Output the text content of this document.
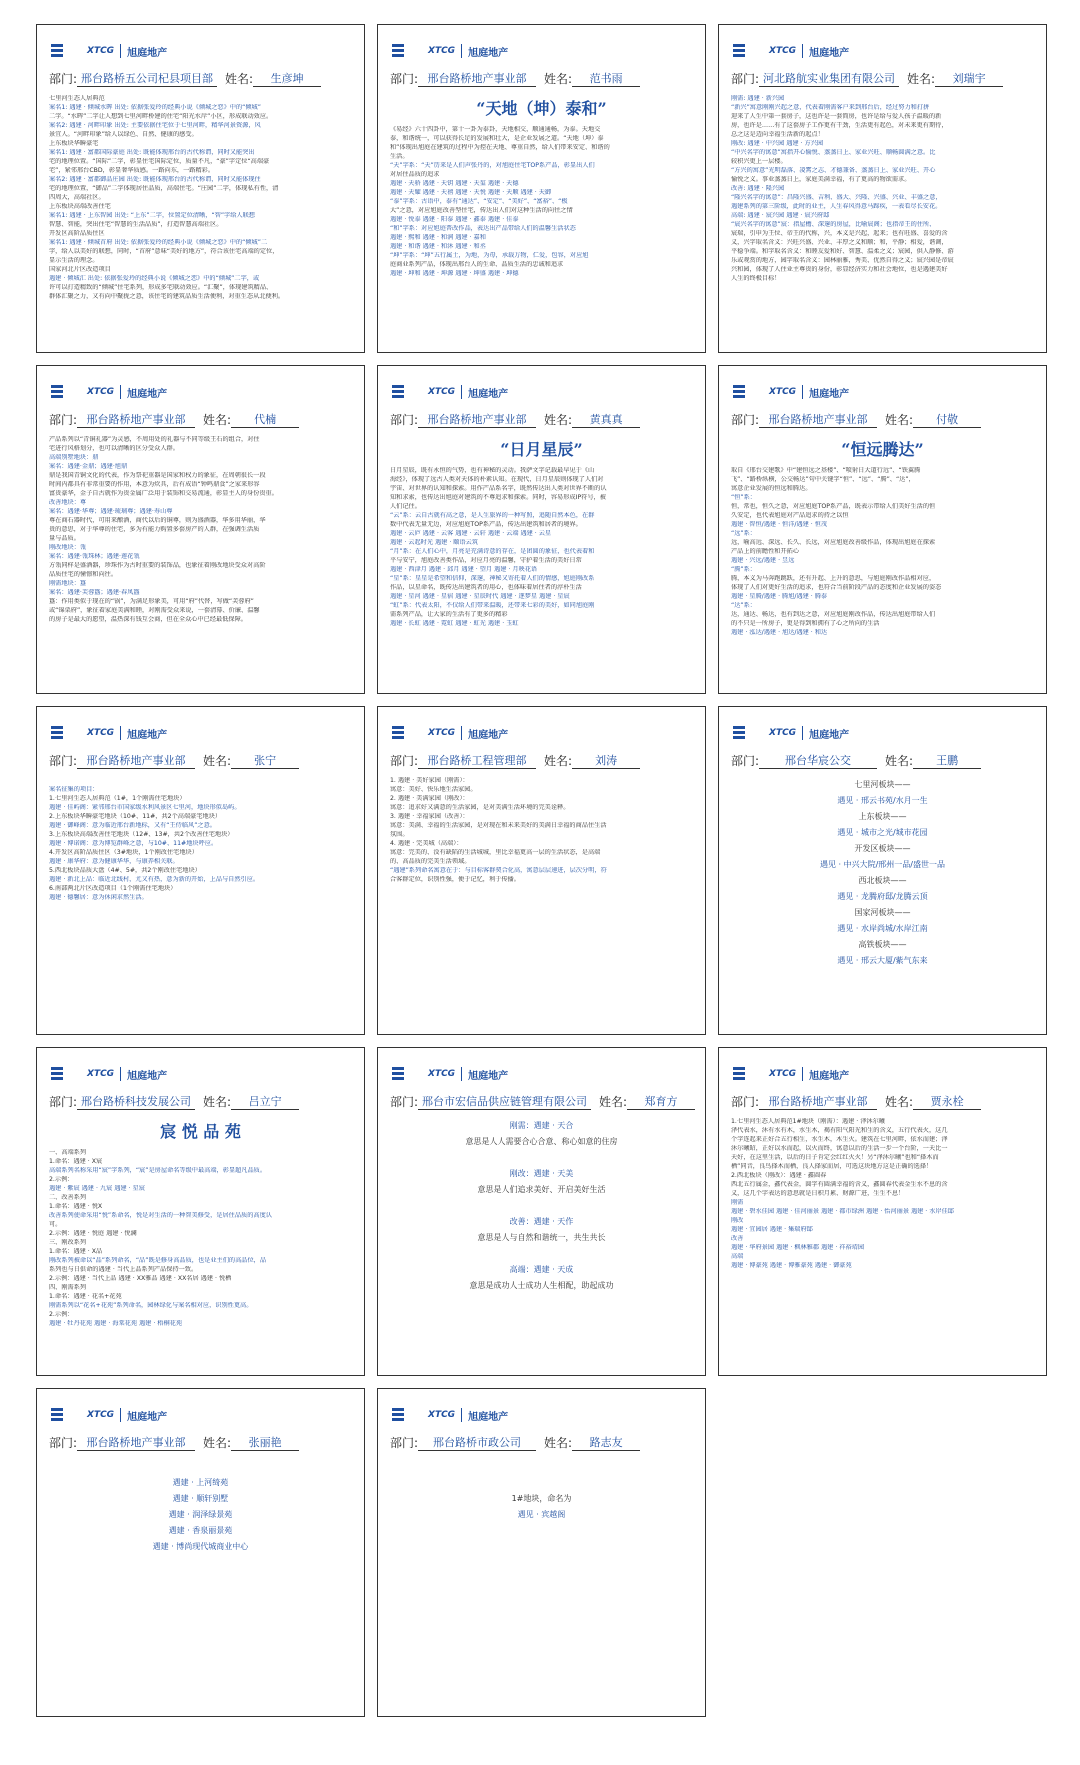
XTCG 旭庭地产
部门: 邢台路桥五公司杞县项目部	姓名:	生彦坤
七里河生态人居典范
案名1: 遇建 · 倾城水晖 出处: 依据张爱玲的经典小说《倾城之恋》中的“倾城”
二字。“水晖”二字让人想到七里河畔桥建的住宅“阳光水岸”小区，形成联动效应。
案名2: 遇建 · 河畔印象 出处: 主要依据住宅位于七里河畔，精华河景资源，风
景宜人。“河畔印象”给人以绿色、自然、健康的感受。
上东板块华瞬豪宅
案名1: 遇建 · 富都国际豪庭 出处: 既能体现邢台的古代称谓，同时又能突出
宅的地理位置。“国际”二字，彰显住宅国际定位，质量不凡，“豪”字定位“高端豪
宅”，紧邻邢台CBD，彰显奢华质感。一路向东，一路精彩。
案名2: 遇建 · 富都御品庄园 出处: 既能体现邢台的古代称谓，同时又能体现住
宅的地理位置，“御品”二字体现居住品质，高端住宅。“庄园”二字，体现私有性，清
四周大，高端社区。
上东板块高端改善住宅
案名1: 遇建 · 上东智园 出处: “上东”二字，位置定位清晰，“智”字给人联想
智慧、智能，突出住宅“智慧的生活品质”，打造智慧高端社区。
开发区高阶品质住区
案名1: 遇建 · 倾城首府 出处: 依据张爱玲的经典小说《倾城之恋》中的“倾城”二
字，给人以美好的联想，同时，“首府”意味“美好的地方”，符合该住宅高端的定位，
显示生活的理念。
国家河北片区改造项目
遇建 · 倾城汇 出处: 依据张爱玲的经典小说《倾城之恋》中的“倾城”二字，或
许可以打造精致的“倾城”住宅系列，形成多宅联动效应。“汇聚”，体现建筑精品、
群体汇聚之力，又有向中聚拢之意，该住宅的建筑品质生活便利，对重生态从北便利。
XTCG 旭庭地产
部门: 邢台路桥地产事业部	姓名:	范书雨
“天地（坤）泰和”
《易经》六十四卦中，第十一卦为泰卦，天地相交，顺通通畅，为泰。天地交
泰，和谐统一，可以获得长足的发展和壮大，是企业发展之道。“天地（坤）泰
和”体现出旭庭在建筑的过程中为控在天地、尊重自然，给人们带来安定、和谐的
生活。
“天”字系：“天”历来是人们声张丹的，对旭庭住宅TOP系产品，彰显出人们
对居住品质的追求
遇建 · 天骄 遇建 · 天钥 遇建 · 天玺 遇建 · 天德
遇建 · 天耀 遇建 · 天禧 遇建 · 天悦 遇建 · 天顺 遇建 · 天御
“泰”字系：古语中，泰有“通达”、“安定”、“美好”、“富裕”、“极
大”之意，对应旭庭改善型住宅，传达出人们对这种生活的向往之情
遇建 · 悦泰 遇建 · 阳泰 遇建 · 鑫泰 遇建 · 佳泰
“和”字系：对应旭庭普改作品，表达出产品带给人们的温馨生活状态
遇建 · 熙和 遇建 · 和润 遇建 · 嘉和
遇建 · 和谐 遇建 · 和沐 遇建 · 和丞
“坤”字系：“坤”五行属土，为地，为母，承载万物，仁爱，包容，对应旭
庭商业系列产品，体现出邢台人的生命、品质生活的忠诚和追求
遇建 · 坤和 遇建 · 坤源 遇建 · 坤盛 遇建 · 坤德
XTCG 旭庭地产
部门: 河北路航实业集团有限公司	姓名:	刘瑞宇
刚需: 遇建 · 新兴园
“新兴”寓意刚刚兴起之意，代表着刚需客户来到邢台后，经过努力和打拼
迎来了人生中第一套房子，这也许是一套简房，也许是给与爱人孩子温暖的新
房，也许是……有了这套房子工作更有干劲，生活更有起色，对未来更有期待，
总之这是迈向幸福生活新的起点！
刚改: 遇建 · 中兴园 遇建 · 方兴园
“中兴名字的寓意”寓指开心愉悦、蒸蒸日上、家业兴旺、顺畅圆满之意。比
较积兴更上一层楼。
“方兴的寓意”光明磊落、凌霄之志、才德兼备、蒸蒸日上、家业兴旺、开心
愉悦之义。事业蒸蒸日上，家庭美满幸福，有了更高的物欲需求。
改善: 遇建 · 隆兴园
“隆兴名字的寓意”：昌隆兴盛、吉利、盛大、兴隆、兴盛、兴业、丰盛之意，
遇建系列的第三阶级，此时的业主，人生春风得意马蹄疾，一表看尽长安花。
高端: 遇建 · 宸兴园 遇建 · 宸兴府邸
“宸兴名字的寓意”宸：指屋檐、深邃的房屋，比喻宸阁；也指帝王的住所、
宸瑞，引申为王位、帝王的代称，兴，本义是兴起，起来；也有旺盛、喜爱的含
义，兴字取名含义：兴旺兴盛、兴业、丰厚之义和顺；和，平静；相爱，谐调，
平稳争端。和字取名含义：和睦友爱和好、智慧、温柔之义；宸园，供人静修、游
乐或观赏的地方，园字取名含义：园林丽雅，秀美、优然自得之义；宸兴园是帝宸
兴和园，体现了人住业主尊贵的身份，彰显经济实力和社会地位，也是遇建美好
人生的终极目标！
XTCG 旭庭地产
部门: 邢台路桥地产事业部	姓名:	代楠
产品系列以“青铜礼器”为灵感，不周用处的礼器与不同等级王石的组合，对住
宅进行风格划分，也可以清晰的区分受众人群。
高端别墅地块：鼎
案名：遇建·金鼎；遇建·旭鼎
鼎是我国青铜文化的代表，作为祭祀重器是国家和权力的象征，在周朝很长一段
时间内都具有非常重要的作用，本意为炊具，后有成语“钟鸣鼎食”之家来形容
富贵豪华，金子自古就作为贵金属广泛用于装饰和交易流通，彰显主人的身份贵重。
改善地块：尊
案名：遇建·华尊；遇建·琉璃尊；遇建·寿山尊
尊在商石器时代，可用来酿酒，商代以后的铜尊，则为盛酒器，华多用华丽，华
贵的意思，对于华尊的住宅，多为有能力购置多套房产的人群，在强调生活质
量与品质。
刚改地块：瓴
案名：遇建·瓴珠林；遇建·莲花瓴
方瓴同样是盛酒器，珍珠作为古时重要的装饰品，也象征着刚改地块受众对高阶
品质住宅的憧憬和向往。
刚需地块：簋
案名：遇建·芙蓉簋；遇建·春凤簋
簋：作用类似于现在的“锅”，为满足形象美，可用“府”代替，写做“芙蓉府”
或“锦栗府”，象征着家庭美满和睦，对刚需受众来说，一套清幕、价廉、温馨
的房子是最大的愿望，温热深有钱互会商，但在全众心中已经最低保障。
XTCG 旭庭地产
部门: 邢台路桥地产事业部	姓名:	黄真真
“日月星辰”
日月星辰，既有永恒的气势，也有神秘的灵动。我萨文字记载最早见于《山
海经》，体现了远古人类对天体的朴素认知。在现代，日月星辰则体现了人们对
宇宙、对世界的认知和探索。用作产品系名字，既然传达出人类对世界不断的认
知和求索，也传达出旭庭对建筑的不尊追求和探索。同时，容易形成IP符号，被
人们记住。
“云”系：云自古就有高之意，是人生旅界的一种写照，追随自然本色，在群
数中代表无量无边，对应旭庭TOP系产品，传达出建筑和居者的境界。
遇建 · 云庐 遇建 · 云客 遇建 · 云轩 遇建 · 云端 遇建 · 云星
遇建 · 云起时光 遇建 · 颐语云筑
“月”系：在人们心中，月亮是充满诗意的存在，是团圆的象征，也代表着和
平与安宁，旭庭改善类作品，对应月亮的温馨，守护着生活的美好日常
遇建 · 西津月 遇建 · 邱月 遇建 · 望月 遇建 · 月映花语
“星”系：星星是希望和信仰，深邃，神秘又寄托着人们的情感，旭庭刚改系
作品，以星命名，既传达出建筑者的用心，也体味着居住者的淳朴生活
遇建 · 星河 遇建 · 星宿 遇建 · 星辰时代 遇建 · 逐梦星 遇建 · 星宸
“虹”系：代表太阳，不仅给人们带来温暖，还带来七彩的美好，如同旭庭刚
需系列产品，让大家的生活有了更多的精彩
遇建 · 长虹 遇建 · 霓虹 遇建 · 虹光 遇建 · 玉虹
XTCG 旭庭地产
部门: 邢台路桥地产事业部	姓名:	付敬
“恒远腾达”
取自《邢台交建歌》中“建恒远之基楼”、“喷射日大道行远”、“铁翼腾
飞”、“路桥纵横，公交畅达”句中关键字“恒”、“远”、“腾”、“达”，
寓意企业发展的恒远和腾达。
“恒”系：
恒，常也，恒久之意，对应旭庭TOP系产品，既表示带给人们美好生活的恒
久安定，也代表旭庭对产品追求的持之以恒
遇建 · 智恒/遇建 · 恒洋/遇建 · 恒茂
“远”系：
远，喻高远、深远、长久、长远，对应旭庭改善级作品，体现出旭庭在探索
产品上的前瞻性和开拓心
遇建 · 兴远/遇建 · 昱远
“腾”系：
腾，本义为马奔跑跳跃，还有升起、上升的意思，与旭庭刚改作品相对应，
体现了人们对更好生活的追求，也符合当前阶段产品的态度和企业发展的姿态
遇建 · 星腾/遇建 · 腾旭/遇建 · 腾泰
“达”系：
达，通达、畅达，也有到达之意，对应旭庭刚改作品，传达出旭庭带给人们
的不只是一所房子，更是得到和拥有了心之所向的生活
遇建 · 泓达/遇建 · 旭达/遇建 · 和达
XTCG 旭庭地产
部门: 邢台路桥地产事业部	姓名:	张宁

案名征集的项目：
1.七里河生态人居典范（1#，1个刚需住宅地块）
遇建 · 佳屿阁：紧邻邢台市国家级水利风景区七里河，地块形似岛屿。
2.上东板块华瞬豪宅地块（10#、11#，共2个高端豪宅地块）
遇建 · 御峰阁：意为临近邢台新地标，又有“王侍临风”之意。
3.上东板块高端改善住宅地块（12#、13#，共2个改善住宅地块）
遇建 · 博诺阁：意为博览群峰之意，与10#、11#地块呼应。
4.开发区高阶品质住区（3#地块，1个刚改住宅地块）
遇建 · 康华府：意为健康华华，与康养相关联。
5.西北板块品质大盘（4#、5#，共2个刚改住宅地块）
遇建 · 新北上品：临近北线村，尤又有热，意为新的开始，上品与自然引应。
6.南部两北片区改造项目（1个刚需住宅地块）
遇建 · 德馨居：意为休闲求然生活。
XTCG 旭庭地产
部门: 邢台路桥工程管理部	姓名:	刘涛
1. 遇建 · 美好家园（刚需）：
寓意：美好、快乐地生活家园。
2. 遇建 · 美满家园（刚改）：
寓意：追求好又满意的生活家园，是对美满生活环境的完美诠释。
3. 遇建 · 幸福家园（改善）：
寓意：美满、幸福的生活家园，是对现在和未来美好的美满日幸福的商品住生活
氛围。
4. 遇建 · 完美城（高端）：
寓意：完美的、没有缺陷的生活城城，里比幸福更高一层的生活状态，是高端
的、高品质的完美生活领域。
“遇建”系列命名寓意在于：与目标客群契合化高，寓意层层递进，层次分明，符
合客群定位，识别性强，便于记忆，利于传播。
XTCG 旭庭地产
部门:	邢台华宸公交	姓名:	王鹏
七里河板块——
遇见 · 邢云书苑/水月一生
上东板块——
遇见 · 城市之光/城市花园
开发区板块——
遇见 · 中兴大院/邢州一品/盛世一品
西北板块——
遇见 · 龙腾府邸/龙腾云顶
国家河板块——
遇见 · 水岸尚城/水岸江南
高铁板块——
遇见 · 邢云大厦/紫气东来
XTCG 旭庭地产
部门: 邢台路桥科技发展公司	姓名:	吕立宁
宸 悦 品 苑
一、高端系列
1.命名：遇建 · X宸
高端系列名称采用“宸”字系列，“宸”是房屋命名等级中最高端，彰显超凡品质。
2.示例：
遇建 · 紫宸 遇建 · 九宸 遇建 · 星宸
二、改善系列
1.命名：遇建 · 悦X
改善系列使命采用“悦”系命名，悦是对生活的一种智美修受，是居住品质的高度认
可。
2.示例：遇建 · 悦庭 遇建 · 悦澜
三、刚改系列
1.命名：遇建 · X品
刚改系列被命以“品”系列命名，“品”既是修身高品质，也是业主们的高品位，品
系列也与日俱命的遇建 · 当代上品系列产品保持一致。
2.示例：遇建 · 当代上品 遇建 · XX雅品 遇建 · XX名居 遇建 · 悦栖
四、刚需系列
1.命名：遇建 · 花名+花苑
刚需系列以“花名+花苑”系列命名，园林绿化与案名相对应，识别性更高。
2.示例：
遇建 · 牡丹花苑 遇建 · 海棠花苑 遇建 · 梧桐花苑
XTCG 旭庭地产
部门: 邢台市宏信品供应链管理有限公司 姓名:	郑育方
刚需：遇建 · 天合
意思是人人需要合心合意、称心如意的住房

刚改：遇建 · 天美
意思是人们追求美好、开启美好生活

改善：遇建 · 天作
意思是人与自然和谐统一，共生共长

高端：遇建 · 天成
意思是成功人士成功人生相配，助起成功
XTCG 旭庭地产
部门: 邢台路桥地产事业部	姓名:	贾永栓
1.七里河生态人居典范1#地块（刚需）：遇建 · 泽沐尔曦
泽代表水，沐有水有木，水生木，褐有阳气阳光和生的含义，五行代表火，这几
个字连起来正好合五行相生，水生木，木生火。建筑在七里河畔，依水而建；泽
沐尔曦昭，正好以水而起，以火而终，寓意以后的生活一步一个台阶，一天比一
天好，在这里生活，以后的日子肯定会红红火火！另“泽沐尔曦”也和“择木而
栖”同音，良鸟择木而栖，良人择家而居，可选这块地方这是正确的选择！
2.西北板块（刚改）：遇建 · 鑫圆春
西北五行属金，鑫代表金，圆字有圆满幸福的含义，鑫圆春代表金生水不息的含
义，这几个字表达的意思就是日积月累、财源广进，生生不息！
刚需
遇建 · 碧水佳园 遇建 · 佳河丽景 遇建 · 都市绿洲 遇建 · 怡河丽景 遇建 · 水岸佳邸
刚改
遇建 · 宜园居 遇建 · 集瑞府邸
改善
遇建 · 华府景园 遇建 · 枫林雅郡 遇建 · 祥裕靖园
高端
遇建 · 博豪苑 遇建 · 博雅豪苑 遇建 · 御豪苑
XTCG 旭庭地产
部门: 邢台路桥地产事业部	姓名:	张丽艳

遇建 · 上河绮苑
遇建 · 顺轩别墅
遇建 · 润泽绿景苑
遇建 · 香泉丽景苑
遇建 · 博尚现代城商业中心
XTCG 旭庭地产
部门:	邢台路桥市政公司	姓名:	路志友

1#地块，命名为
遇见 · 宾越阁
